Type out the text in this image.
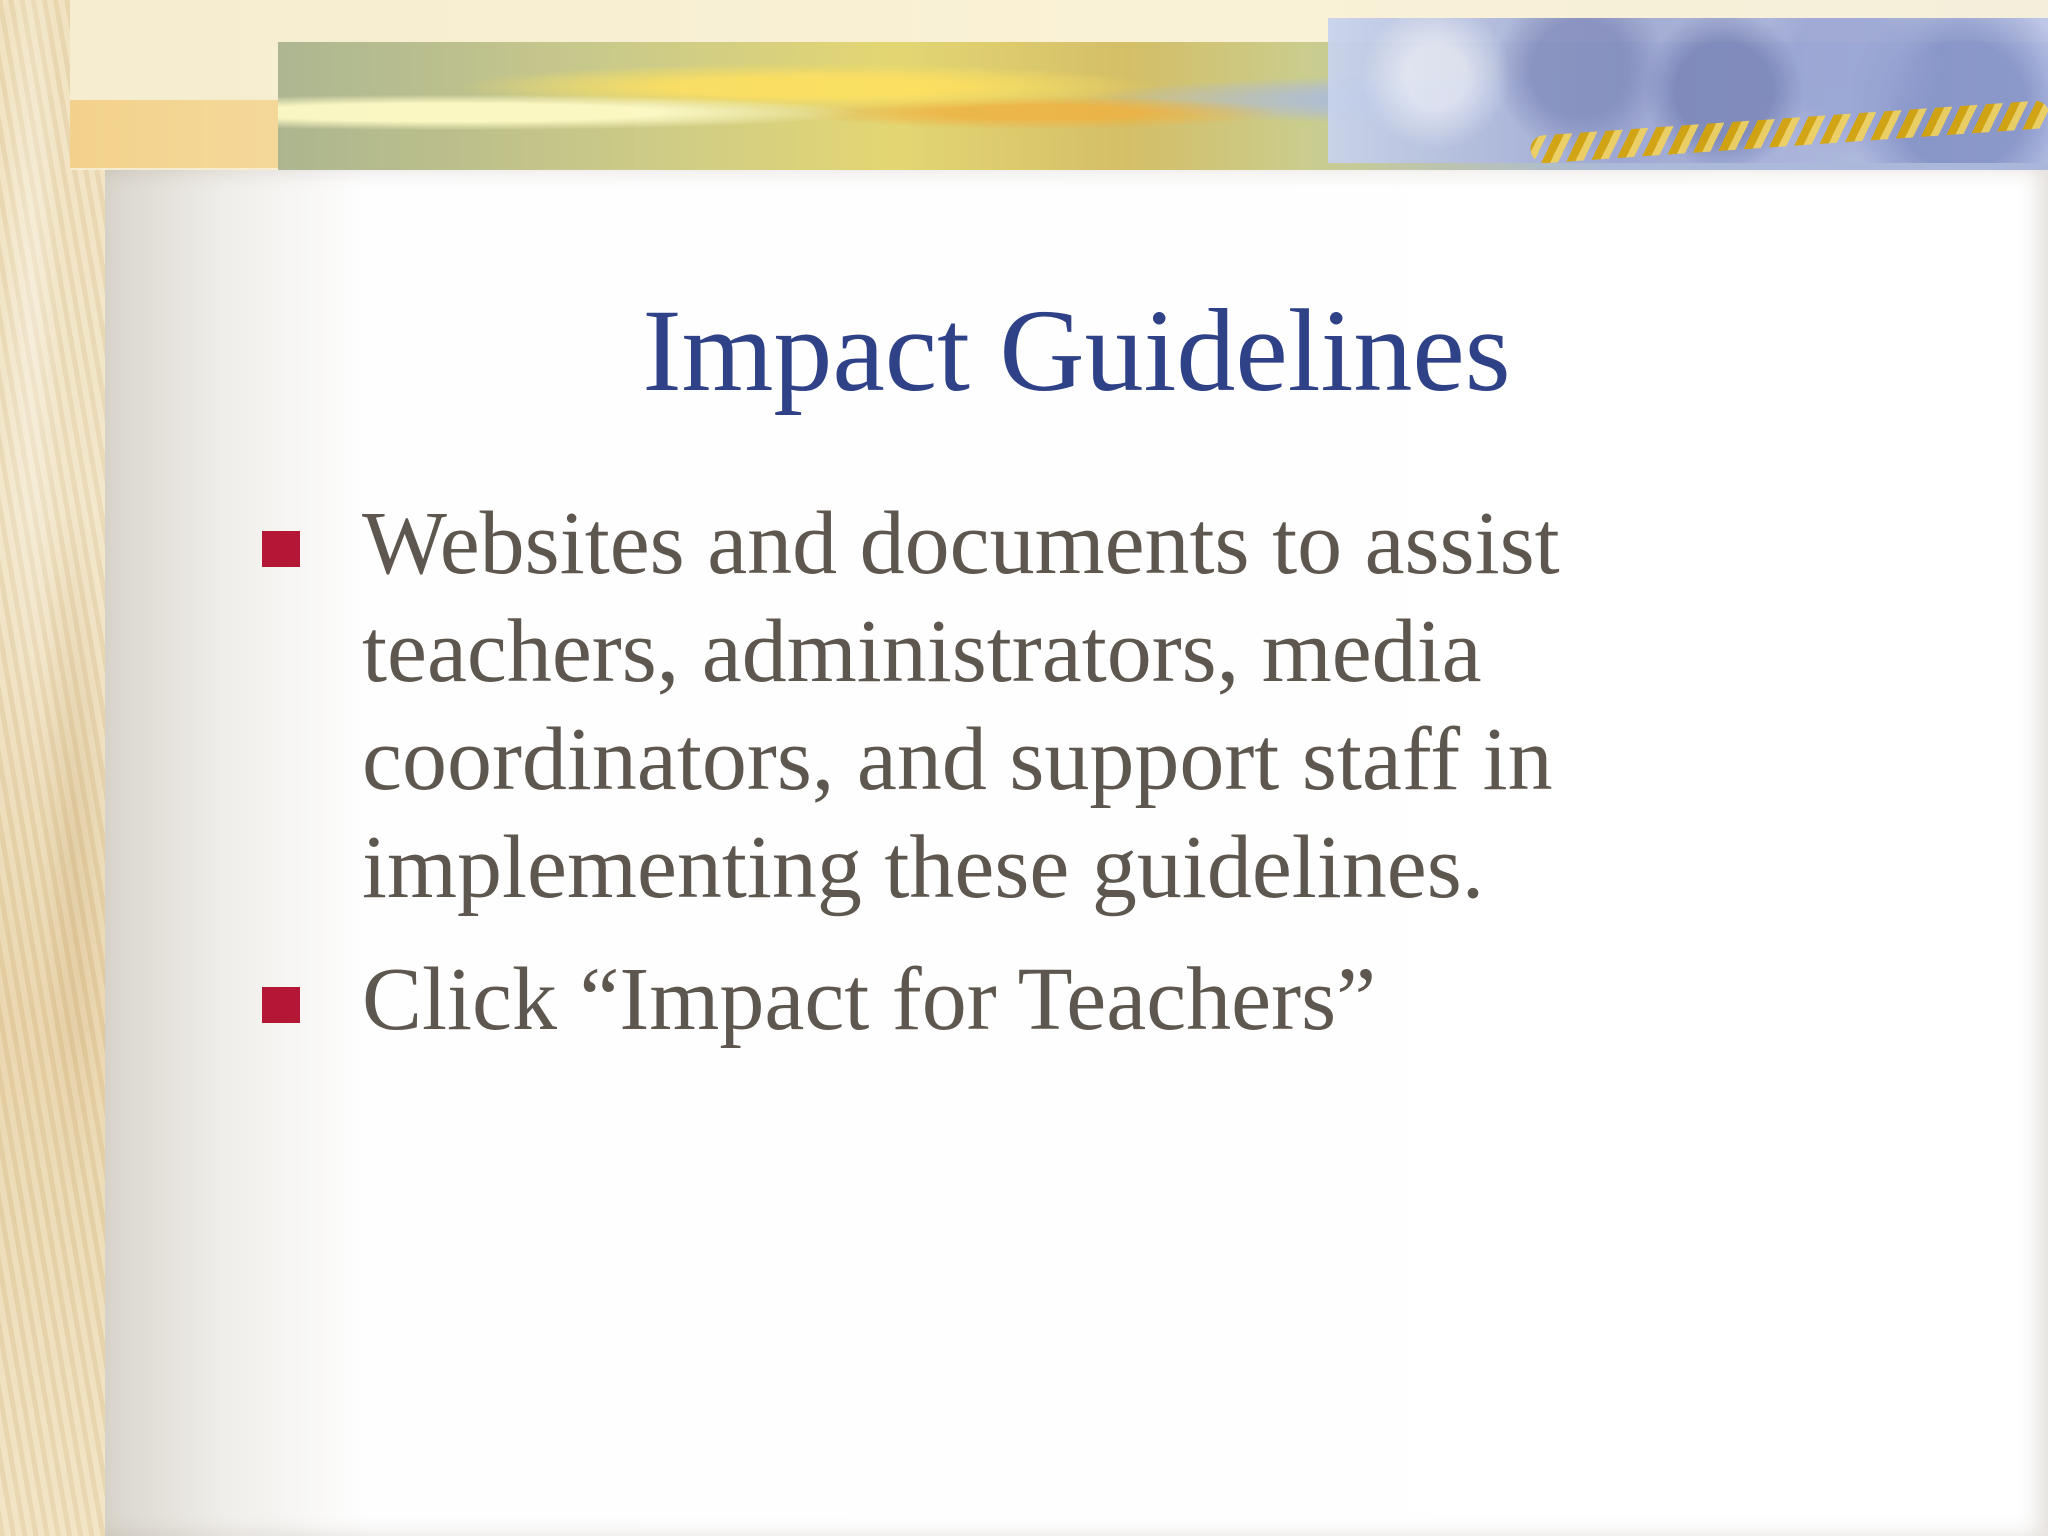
Impact Guidelines
Websites and documents to assist teachers, administrators, media coordinators, and support staff in implementing these guidelines.
Click “Impact for Teachers”
